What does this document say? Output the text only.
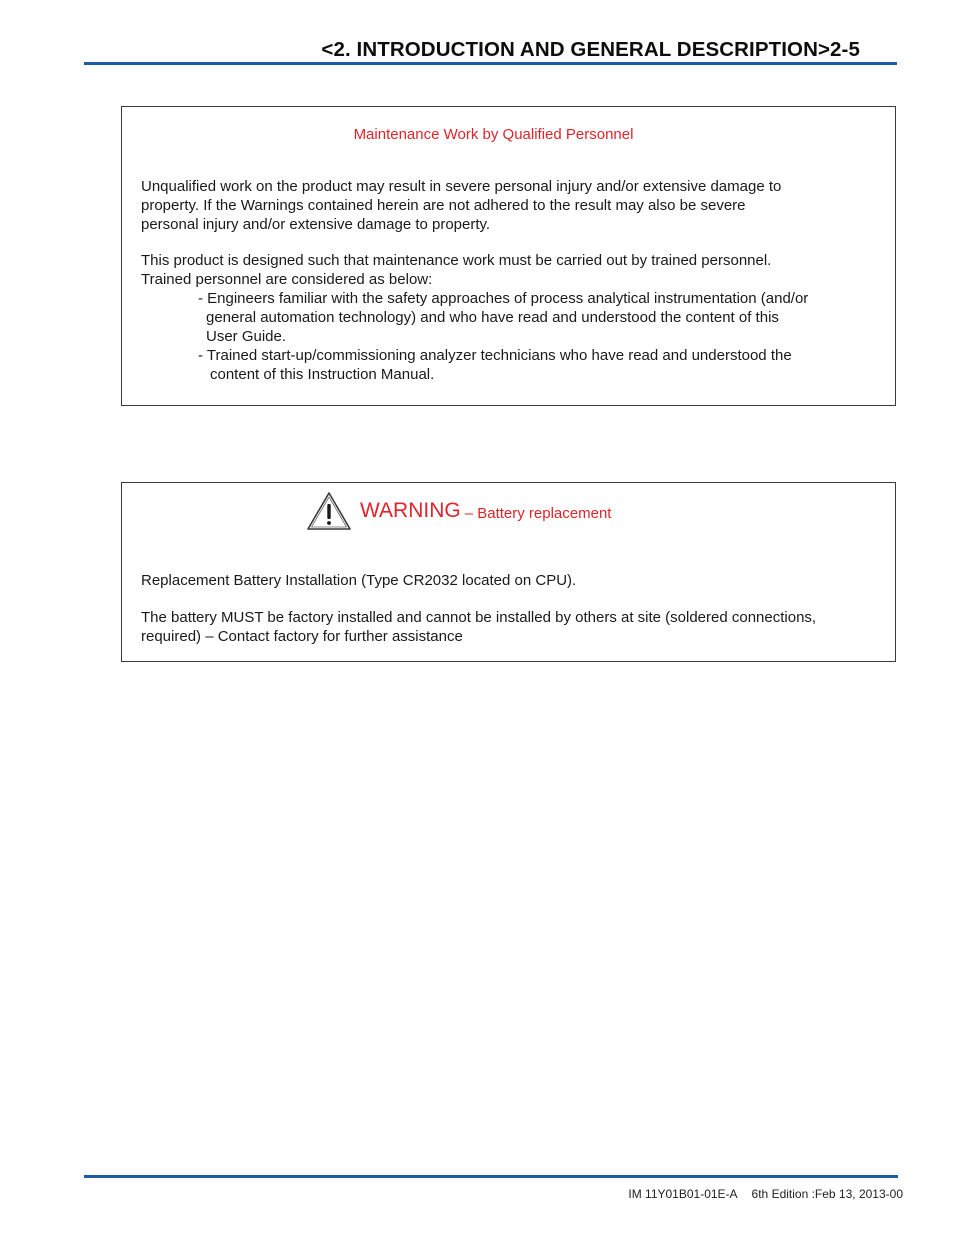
<2. INTRODUCTION AND GENERAL DESCRIPTION>2-5
Maintenance Work by Qualified Personnel
Unqualified work on the product may result in severe personal injury and/or extensive damage to
property. If the Warnings contained herein are not adhered to the result may also be severe
personal injury and/or extensive damage to property.
This product is designed such that maintenance work must be carried out by trained personnel.
Trained personnel are considered as below:
- Engineers familiar with the safety approaches of process analytical instrumentation (and/or
general automation technology) and who have read and understood the content of this
User Guide.
- Trained start-up/commissioning analyzer technicians who have read and understood the
content of this Instruction Manual.
WARNING – Battery replacement
Replacement Battery Installation (Type CR2032 located on CPU).
The battery MUST be factory installed and cannot be installed by others at site (soldered connections,
required) – Contact factory for further assistance
IM 11Y01B01-01E-A 6th Edition :Feb 13, 2013-00
